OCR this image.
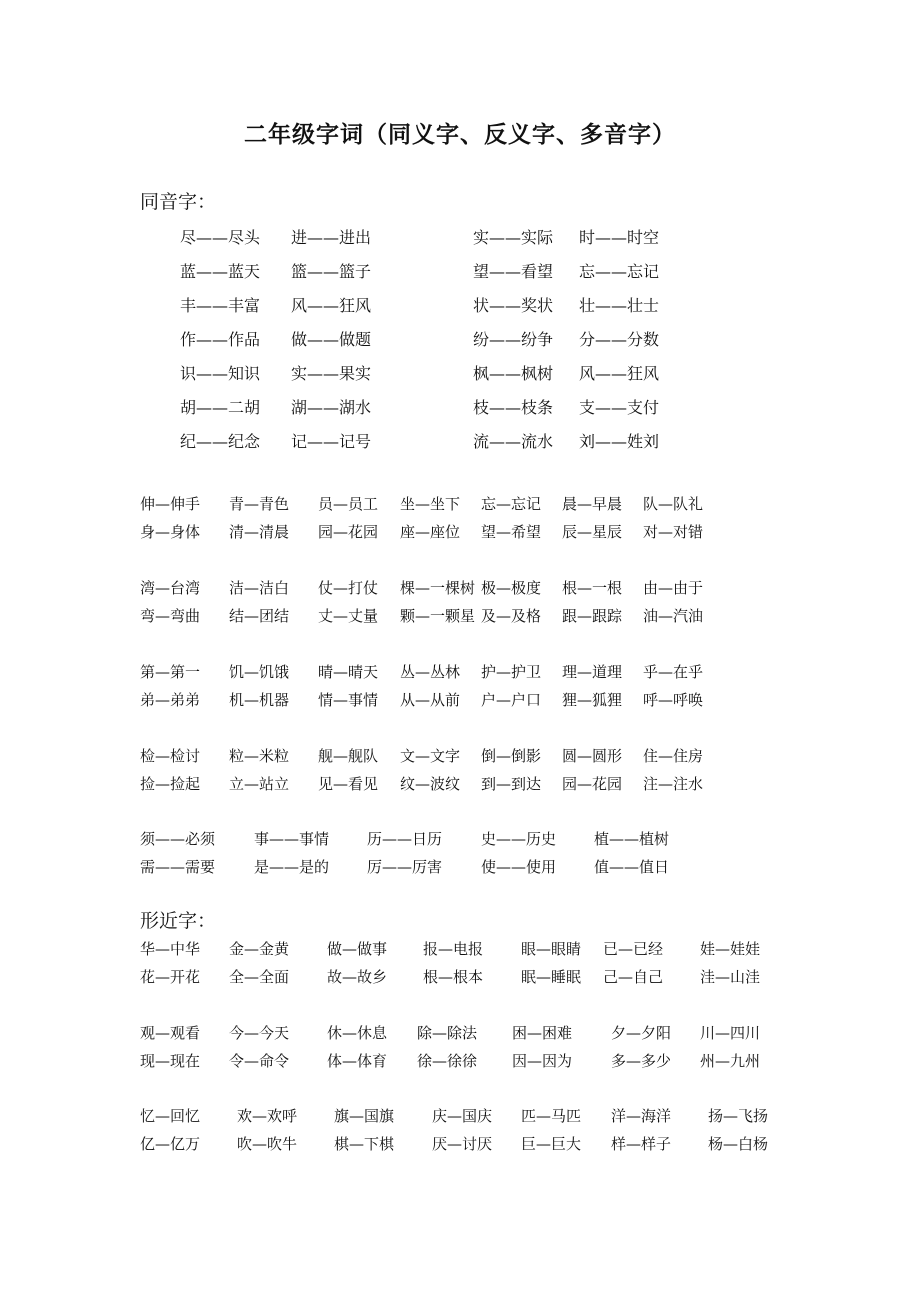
二年级字词（同义字、反义字、多音字）
同音字：
形近字：
尽——尽头 进——进出	实——实际 时——时空
蓝——蓝天 篮——篮子	望——看望 忘——忘记
丰——丰富 风——狂风	状——奖状 壮——壮士
作——作品 做——做题	纷——纷争 分——分数
识——知识 实——果实	枫——枫树 风——狂风
胡——二胡 湖——湖水	枝——枝条 支——支付
纪——纪念 记——记号	流——流水 刘——姓刘
伸—伸手 青—青色 员—员工 坐—坐下 忘—忘记 晨—早晨 队—队礼
身—身体 清—清晨 园—花园 座—座位 望—希望 辰—星辰 对—对错
湾—台湾 洁—洁白 仗—打仗 棵—一棵树 极—极度 根—一根 由—由于
弯—弯曲 结—团结 丈—丈量 颗—一颗星 及—及格 跟—跟踪 油—汽油
第—第一 饥—饥饿 晴—晴天 丛—丛林 护—护卫 理—道理 乎—在乎
弟—弟弟 机—机器 情—事情 从—从前 户—户口 狸—狐狸 呼—呼唤
检—检讨 粒—米粒 舰—舰队 文—文字 倒—倒影 圆—圆形 住—住房
捡—捡起 立—站立 见—看见 纹—波纹 到—到达 园—花园 注—注水
须——必须	事——事情	历——日历	史——历史	植——植树
需——需要	是——是的	厉——厉害	使——使用	值——值日
华—中华 金—金黄	做—做事 报—电报	眼—眼睛 已—已经 娃—娃娃
花—开花 全—全面	故—故乡 根—根本	眠—睡眠 己—自己 洼—山洼
观—观看 今—今天	休—休息 除—除法 困—困难	夕—夕阳 川—四川
现—现在 令—命令	体—体育 徐—徐徐 因—因为	多—多少 州—九州
忆—回忆 欢—欢呼 旗—国旗	庆—国庆 匹—马匹 洋—海洋 扬—飞扬
亿—亿万 吹—吹牛 棋—下棋	厌—讨厌 巨—巨大 样—样子 杨—白杨
